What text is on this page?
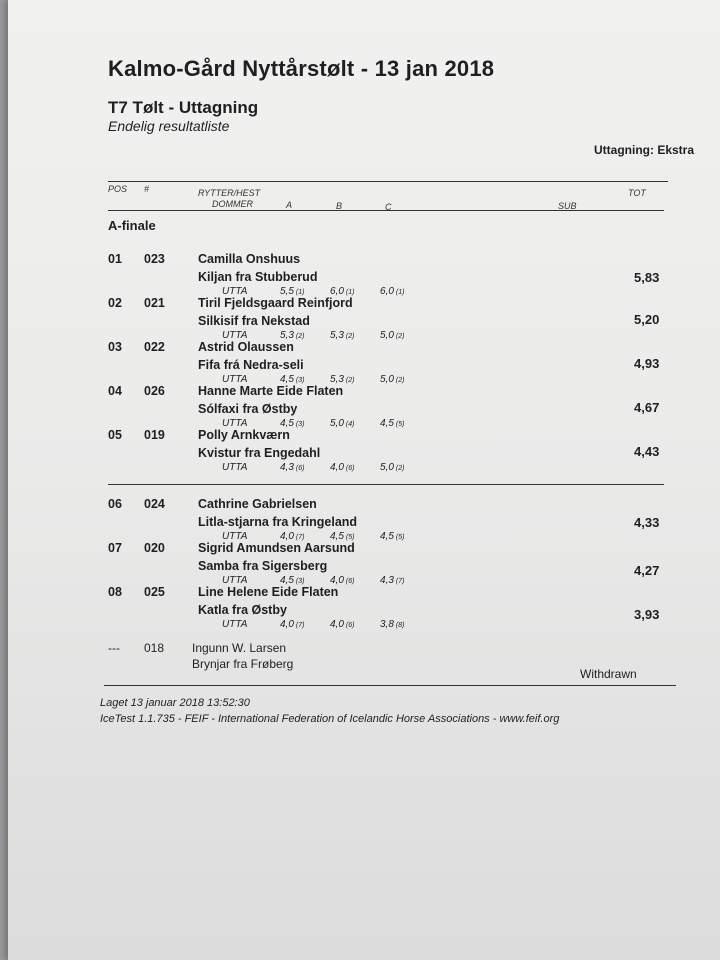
Kalmo-Gård Nyttårstølt - 13 jan 2018
T7 Tølt - Uttagning
Endelig resultatliste
Uttagning: Ekstra
POS #	RYTTER/HEST
DOMMER	A	B	C	SUB
TOT
A-finale
01 023	Camilla Onshuus
Kiljan fra Stubberud
UTTA	5,5 (1)	6,0 (1)	6,0 (1)
5,83
02 021	Tiril Fjeldsgaard Reinfjord
Silkisif fra Nekstad
UTTA	5,3 (2)	5,3 (2)	5,0 (2)
5,20
03 022	Astrid Olaussen
Fifa frá Nedra-seli
UTTA	4,5 (3)	5,3 (2)	5,0 (2)
4,93
04 026	Hanne Marte Eide Flaten
Sólfaxi fra Østby
UTTA	4,5 (3)	5,0 (4)	4,5 (5)
4,67
05 019	Polly Arnkværn
Kvistur fra Engedahl
UTTA	4,3 (6)	4,0 (6)	5,0 (2)
4,43
06 024	Cathrine Gabrielsen
Litla-stjarna fra Kringeland
UTTA	4,0 (7)	4,5 (5)	4,5 (5)
4,33
07 020	Sigrid Amundsen Aarsund
Samba fra Sigersberg
UTTA	4,5 (3)	4,0 (6)	4,3 (7)
4,27
08 025	Line Helene Eide Flaten
Katla fra Østby
UTTA	4,0 (7)	4,0 (6)	3,8 (8)
3,93
--- 018 Ingunn W. Larsen
Brynjar fra Frøberg
Withdrawn
Laget 13 januar 2018 13:52:30
IceTest 1.1.735 - FEIF - International Federation of Icelandic Horse Associations - www.feif.org
